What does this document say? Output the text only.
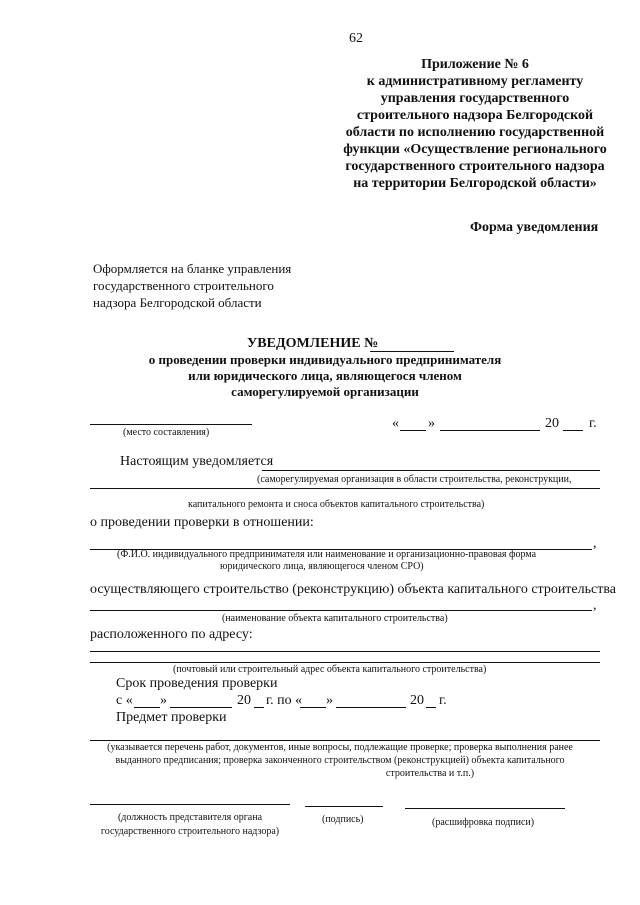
62
Приложение № 6
к административному регламенту
управления государственного
строительного надзора Белгородской
области по исполнению государственной
функции «Осуществление регионального
государственного строительного надзора
на территории Белгородской области»
Форма уведомления
Оформляется на бланке управления
государственного строительного
надзора Белгородской области
УВЕДОМЛЕНИЕ №
о проведении проверки индивидуального предпринимателя
или юридического лица, являющегося членом
саморегулируемой организации
(место составления)
« »	20 г.
Настоящим уведомляется
(саморегулируемая организация в области строительства, реконструкции,
капитального ремонта и сноса объектов капитального строительства)
о проведении проверки в отношении:
,
(Ф.И.О. индивидуального предпринимателя или наименование и организационно-правовая форма
юридического лица, являющегося членом СРО)
осуществляющего строительство (реконструкцию) объекта капитального строительства
,
(наименование объекта капитального строительства)
расположенного по адресу:
(почтовый или строительный адрес объекта капитального строительства)
Срок проведения проверки
с « »	20 г. по « »	20 г.
Предмет проверки
(указывается перечень работ, документов, иные вопросы, подлежащие проверке; проверка выполнения ранее
выданного предписания; проверка законченного строительством (реконструкцией) объекта капитального
строительства и т.п.)
(должность представителя органа
государственного строительного надзора)
(подпись)	(расшифровка подписи)
